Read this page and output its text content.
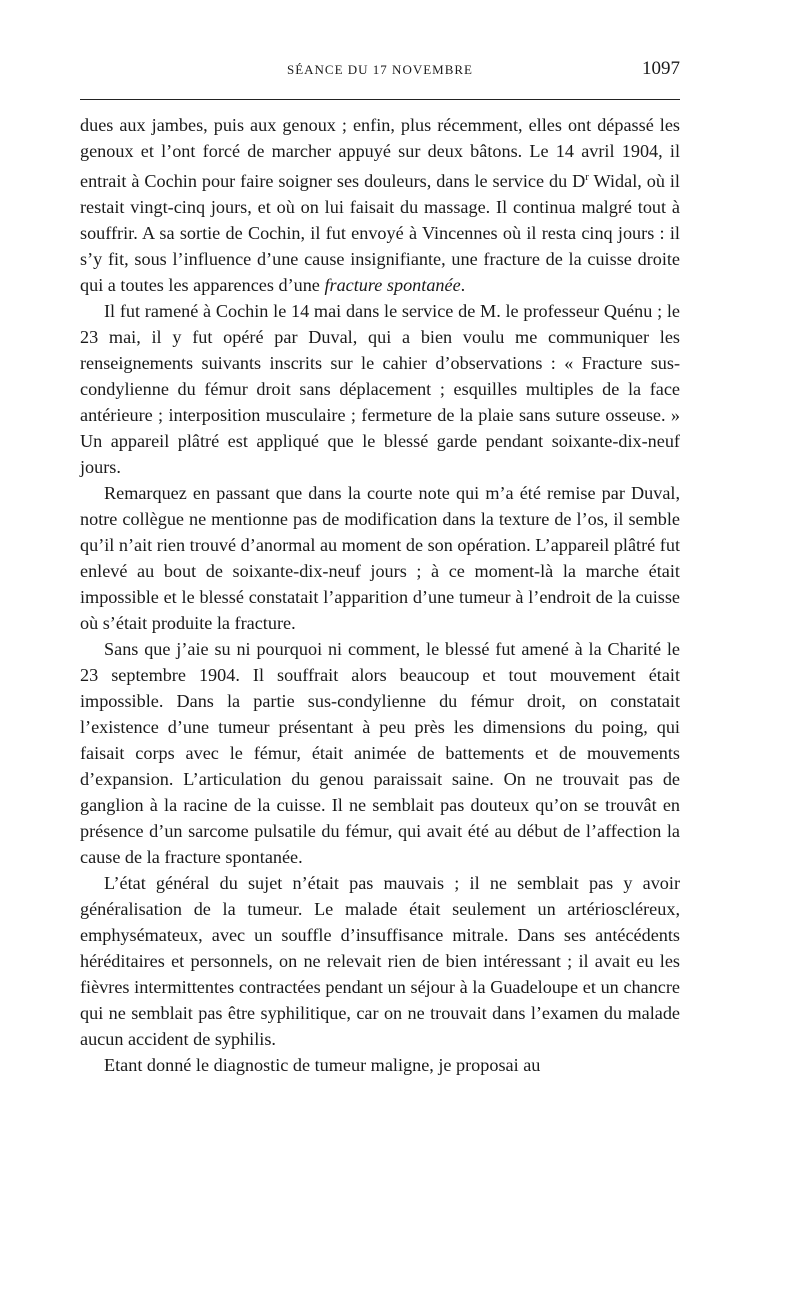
SÉANCE DU 17 NOVEMBRE	1097

dues aux jambes, puis aux genoux ; enfin, plus récemment, elles ont dépassé les genoux et l’ont forcé de marcher appuyé sur deux bâtons. Le 14 avril 1904, il entrait à Cochin pour faire soigner ses douleurs, dans le service du $D^r$ Widal, où il restait vingt-cinq jours, et où on lui faisait du massage. Il continua malgré tout à souffrir. A sa sortie de Cochin, il fut envoyé à Vincennes où il resta cinq jours : il s’y fit, sous l’influence d’une cause insignifiante, une fracture de la cuisse droite qui a toutes les apparences d’une fracture spontanée.

Il fut ramené à Cochin le 14 mai dans le service de M. le professeur Quénu ; le 23 mai, il y fut opéré par Duval, qui a bien voulu me communiquer les renseignements suivants inscrits sur le cahier d’observations : « Fracture sus-condylienne du fémur droit sans déplacement ; esquilles multiples de la face antérieure ; interposition musculaire ; fermeture de la plaie sans suture osseuse. » Un appareil plâtré est appliqué que le blessé garde pendant soixante-dix-neuf jours.

Remarquez en passant que dans la courte note qui m’a été remise par Duval, notre collègue ne mentionne pas de modification dans la texture de l’os, il semble qu’il n’ait rien trouvé d’anormal au moment de son opération. L’appareil plâtré fut enlevé au bout de soixante-dix-neuf jours ; à ce moment-là la marche était impossible et le blessé constatait l’apparition d’une tumeur à l’endroit de la cuisse où s’était produite la fracture.

Sans que j’aie su ni pourquoi ni comment, le blessé fut amené à la Charité le 23 septembre 1904. Il souffrait alors beaucoup et tout mouvement était impossible. Dans la partie sus-condylienne du fémur droit, on constatait l’existence d’une tumeur présentant à peu près les dimensions du poing, qui faisait corps avec le fémur, était animée de battements et de mouvements d’expansion. L’articulation du genou paraissait saine. On ne trouvait pas de ganglion à la racine de la cuisse. Il ne semblait pas douteux qu’on se trouvât en présence d’un sarcome pulsatile du fémur, qui avait été au début de l’affection la cause de la fracture spontanée.

L’état général du sujet n’était pas mauvais ; il ne semblait pas y avoir généralisation de la tumeur. Le malade était seulement un artérioscléreux, emphysémateux, avec un souffle d’insuffisance mitrale. Dans ses antécédents héréditaires et personnels, on ne relevait rien de bien intéressant ; il avait eu les fièvres intermittentes contractées pendant un séjour à la Guadeloupe et un chancre qui ne semblait pas être syphilitique, car on ne trouvait dans l’examen du malade aucun accident de syphilis.

Etant donné le diagnostic de tumeur maligne, je proposai au
